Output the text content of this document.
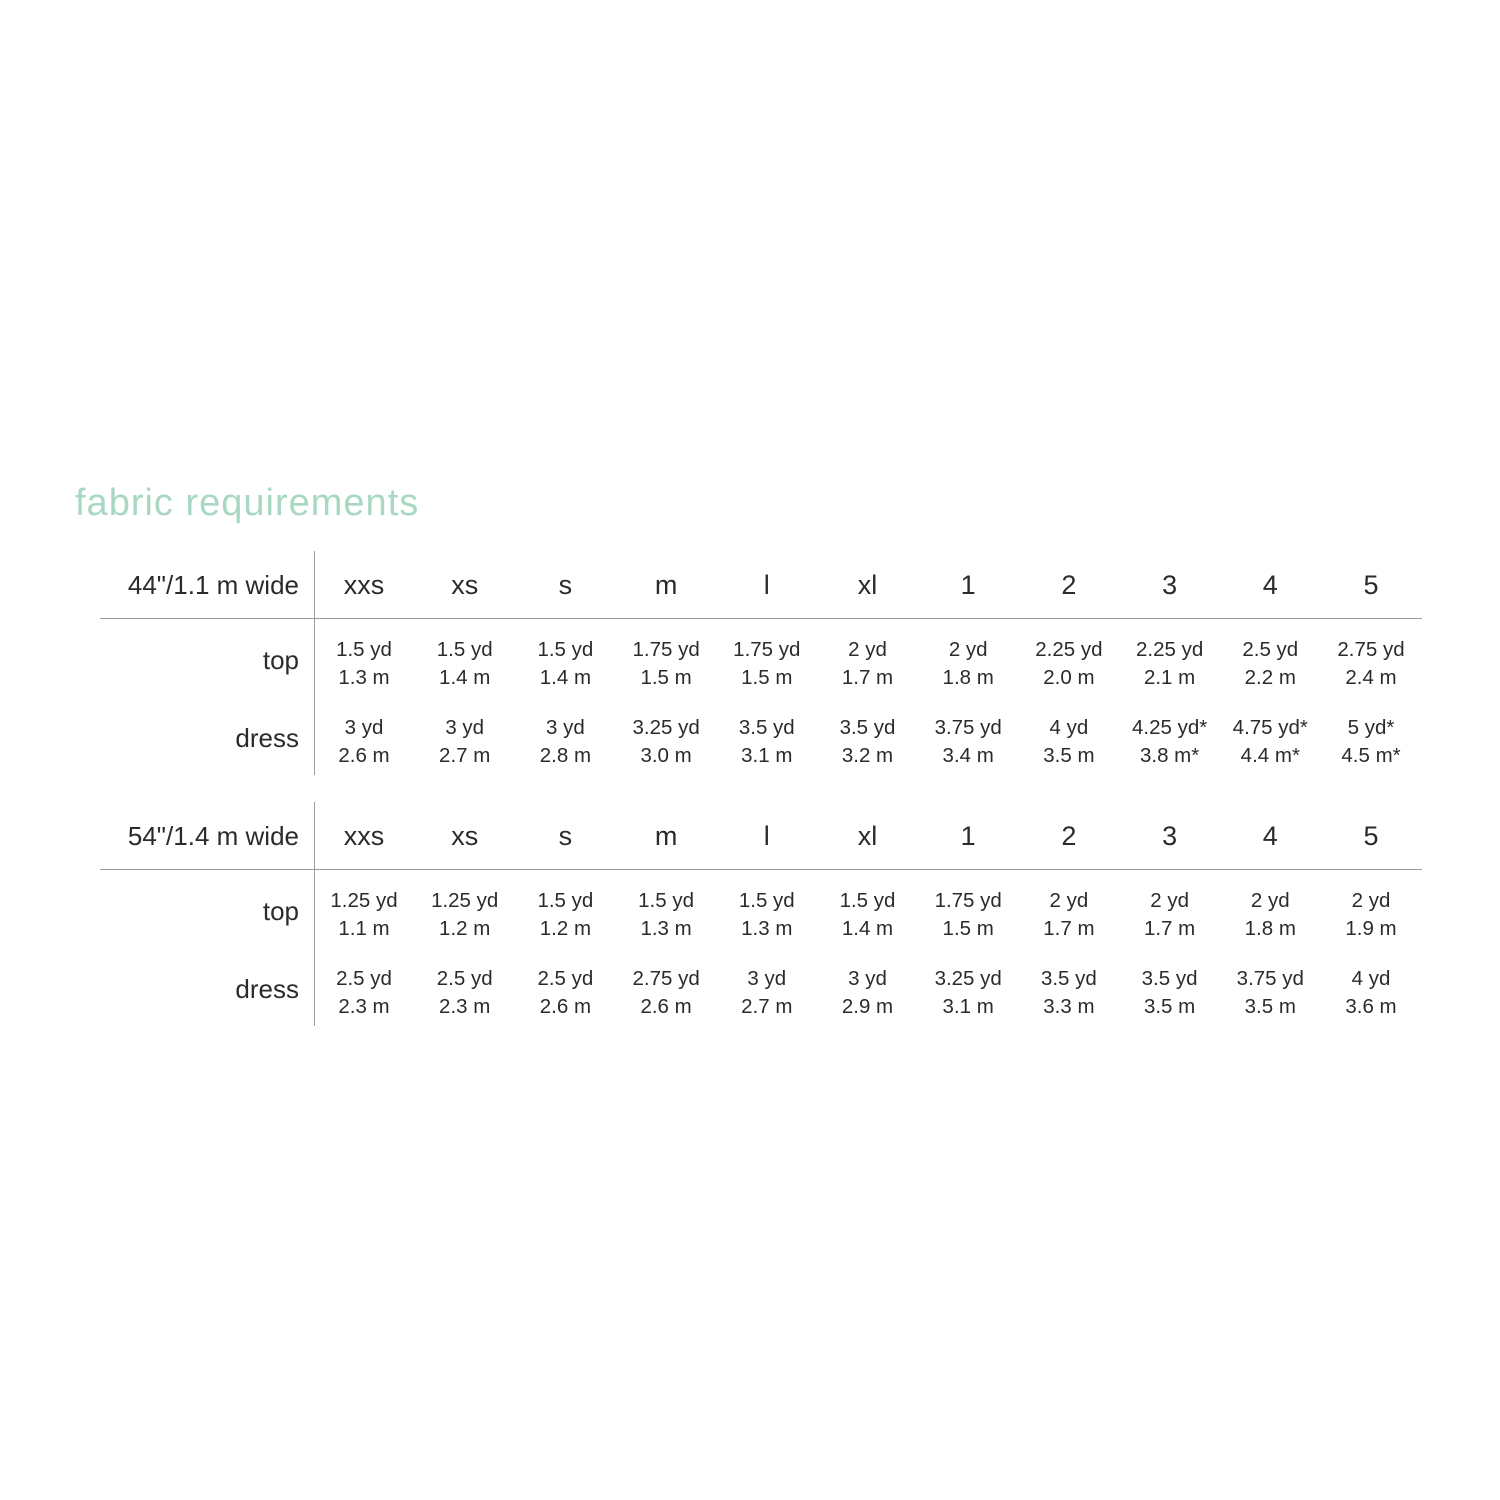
fabric requirements
44"/1.1 m wide
top
dress
xxs
1.5 yd
1.3 m
3 yd
2.6 m
xs
1.5 yd
1.4 m
3 yd
2.7 m
s
1.5 yd
1.4 m
3 yd
2.8 m
m
1.75 yd
1.5 m
3.25 yd
3.0 m
l
1.75 yd
1.5 m
3.5 yd
3.1 m
xl
2 yd
1.7 m
3.5 yd
3.2 m
1
2 yd
1.8 m
3.75 yd
3.4 m
2
2.25 yd
2.0 m
4 yd
3.5 m
3
2.25 yd
2.1 m
4.25 yd*
3.8 m*
4
2.5 yd
2.2 m
4.75 yd*
4.4 m*
5
2.75 yd
2.4 m
5 yd*
4.5 m*
54"/1.4 m wide
top
dress
xxs
1.25 yd
1.1 m
2.5 yd
2.3 m
xs
1.25 yd
1.2 m
2.5 yd
2.3 m
s
1.5 yd
1.2 m
2.5 yd
2.6 m
m
1.5 yd
1.3 m
2.75 yd
2.6 m
l
1.5 yd
1.3 m
3 yd
2.7 m
xl
1.5 yd
1.4 m
3 yd
2.9 m
1
1.75 yd
1.5 m
3.25 yd
3.1 m
2
2 yd
1.7 m
3.5 yd
3.3 m
3
2 yd
1.7 m
3.5 yd
3.5 m
4
2 yd
1.8 m
3.75 yd
3.5 m
5
2 yd
1.9 m
4 yd
3.6 m
